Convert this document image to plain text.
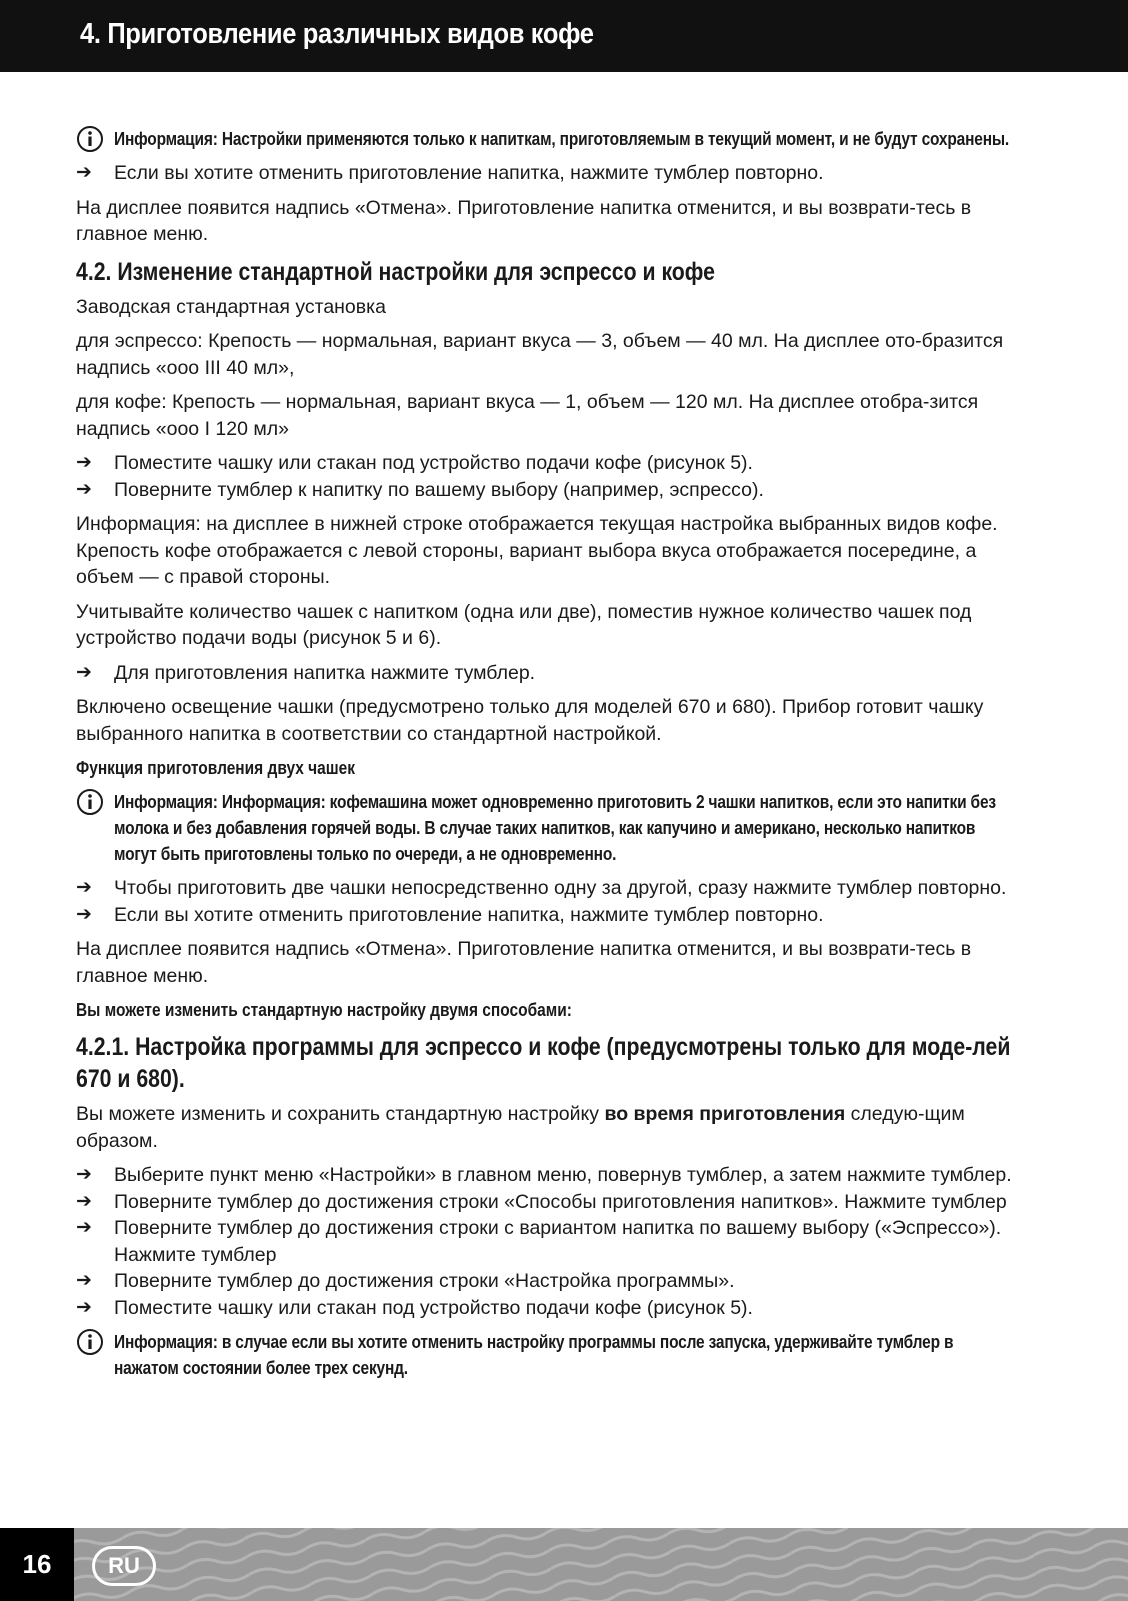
4. Приготовление различных видов кофе
Информация: Настройки применяются только к напиткам, приготовляемым в текущий момент, и не будут сохранены.

➔	Если вы хотите отменить приготовление напитка, нажмите тумблер повторно.

На дисплее появится надпись «Отмена». Приготовление напитка отменится, и вы возврати-тесь в главное меню.

4.2. Изменение стандартной настройки для эспрессо и кофе

Заводская стандартная установка

для эспрессо: Крепость — нормальная, вариант вкуса — 3, объем — 40 мл. На дисплее ото-бразится надпись «ооо III 40 мл»,

для кофе: Крепость — нормальная, вариант вкуса — 1, объем — 120 мл. На дисплее отобра-зится надпись «ооо I 120 мл»

➔	Поместите чашку или стакан под устройство подачи кофе (рисунок 5).

➔	Поверните тумблер к напитку по вашему выбору (например, эспрессо).

Информация: на дисплее в нижней строке отображается текущая настройка выбранных видов кофе. Крепость кофе отображается с левой стороны, вариант выбора вкуса отображается посередине, а объем — с правой стороны.

Учитывайте количество чашек с напитком (одна или две), поместив нужное количество чашек под устройство подачи воды (рисунок 5 и 6).

➔	Для приготовления напитка нажмите тумблер.

Включено освещение чашки (предусмотрено только для моделей 670 и 680). Прибор готовит чашку выбранного напитка в соответствии со стандартной настройкой.

Функция приготовления двух чашек
Информация: Информация: кофемашина может одновременно приготовить 2 чашки напитков, если это напитки без молока и без добавления горячей воды. В случае таких напитков, как капучино и американо, несколько напитков могут быть приготовлены только по очереди, а не одновременно.

➔	Чтобы приготовить две чашки непосредственно одну за другой, сразу нажмите тумблер повторно.

➔	Если вы хотите отменить приготовление напитка, нажмите тумблер повторно.

На дисплее появится надпись «Отмена». Приготовление напитка отменится, и вы возврати-тесь в главное меню.

Вы можете изменить стандартную настройку двумя способами:
4.2.1. Настройка программы для эспрессо и кофе (предусмотрены только для моде-лей 670 и 680).

Вы можете изменить и сохранить стандартную настройку во время приготовления следую-щим образом.

➔	Выберите пункт меню «Настройки» в главном меню, повернув тумблер, а затем нажмите тумблер.

➔	Поверните тумблер до достижения строки «Способы приготовления напитков». Нажмите тумблер

➔	Поверните тумблер до достижения строки с вариантом напитка по вашему выбору («Эспрессо»). Нажмите тумблер

➔	Поверните тумблер до достижения строки «Настройка программы».

➔	Поместите чашку или стакан под устройство подачи кофе (рисунок 5).

Информация: в случае если вы хотите отменить настройку программы после запуска, удерживайте тумблер в нажатом состоянии более трех секунд.
16	RU
